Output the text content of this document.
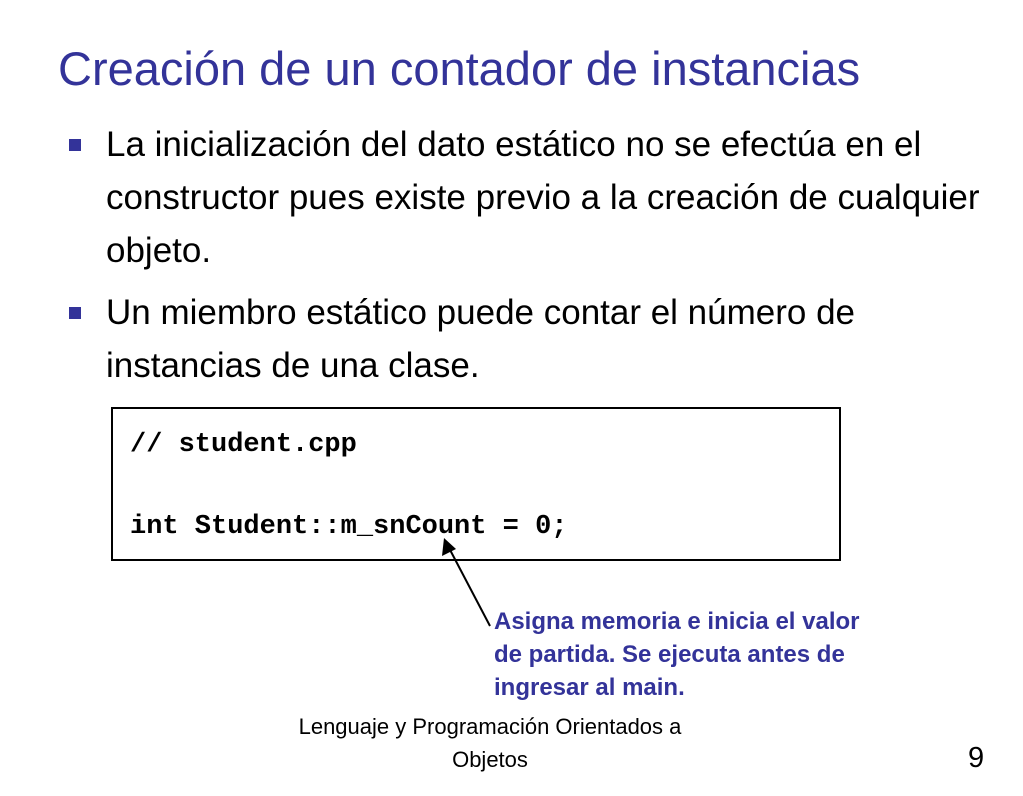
Creación de un contador de instancias
La inicialización del dato estático no se efectúa en el constructor pues existe previo a la creación de cualquier objeto.
Un miembro estático puede contar el número de instancias de una clase.
// student.cpp
int Student::m_snCount = 0;
Asigna memoria e inicia el valor de partida. Se ejecuta antes de ingresar al main.
Lenguaje y Programación Orientados a
Objetos	9
